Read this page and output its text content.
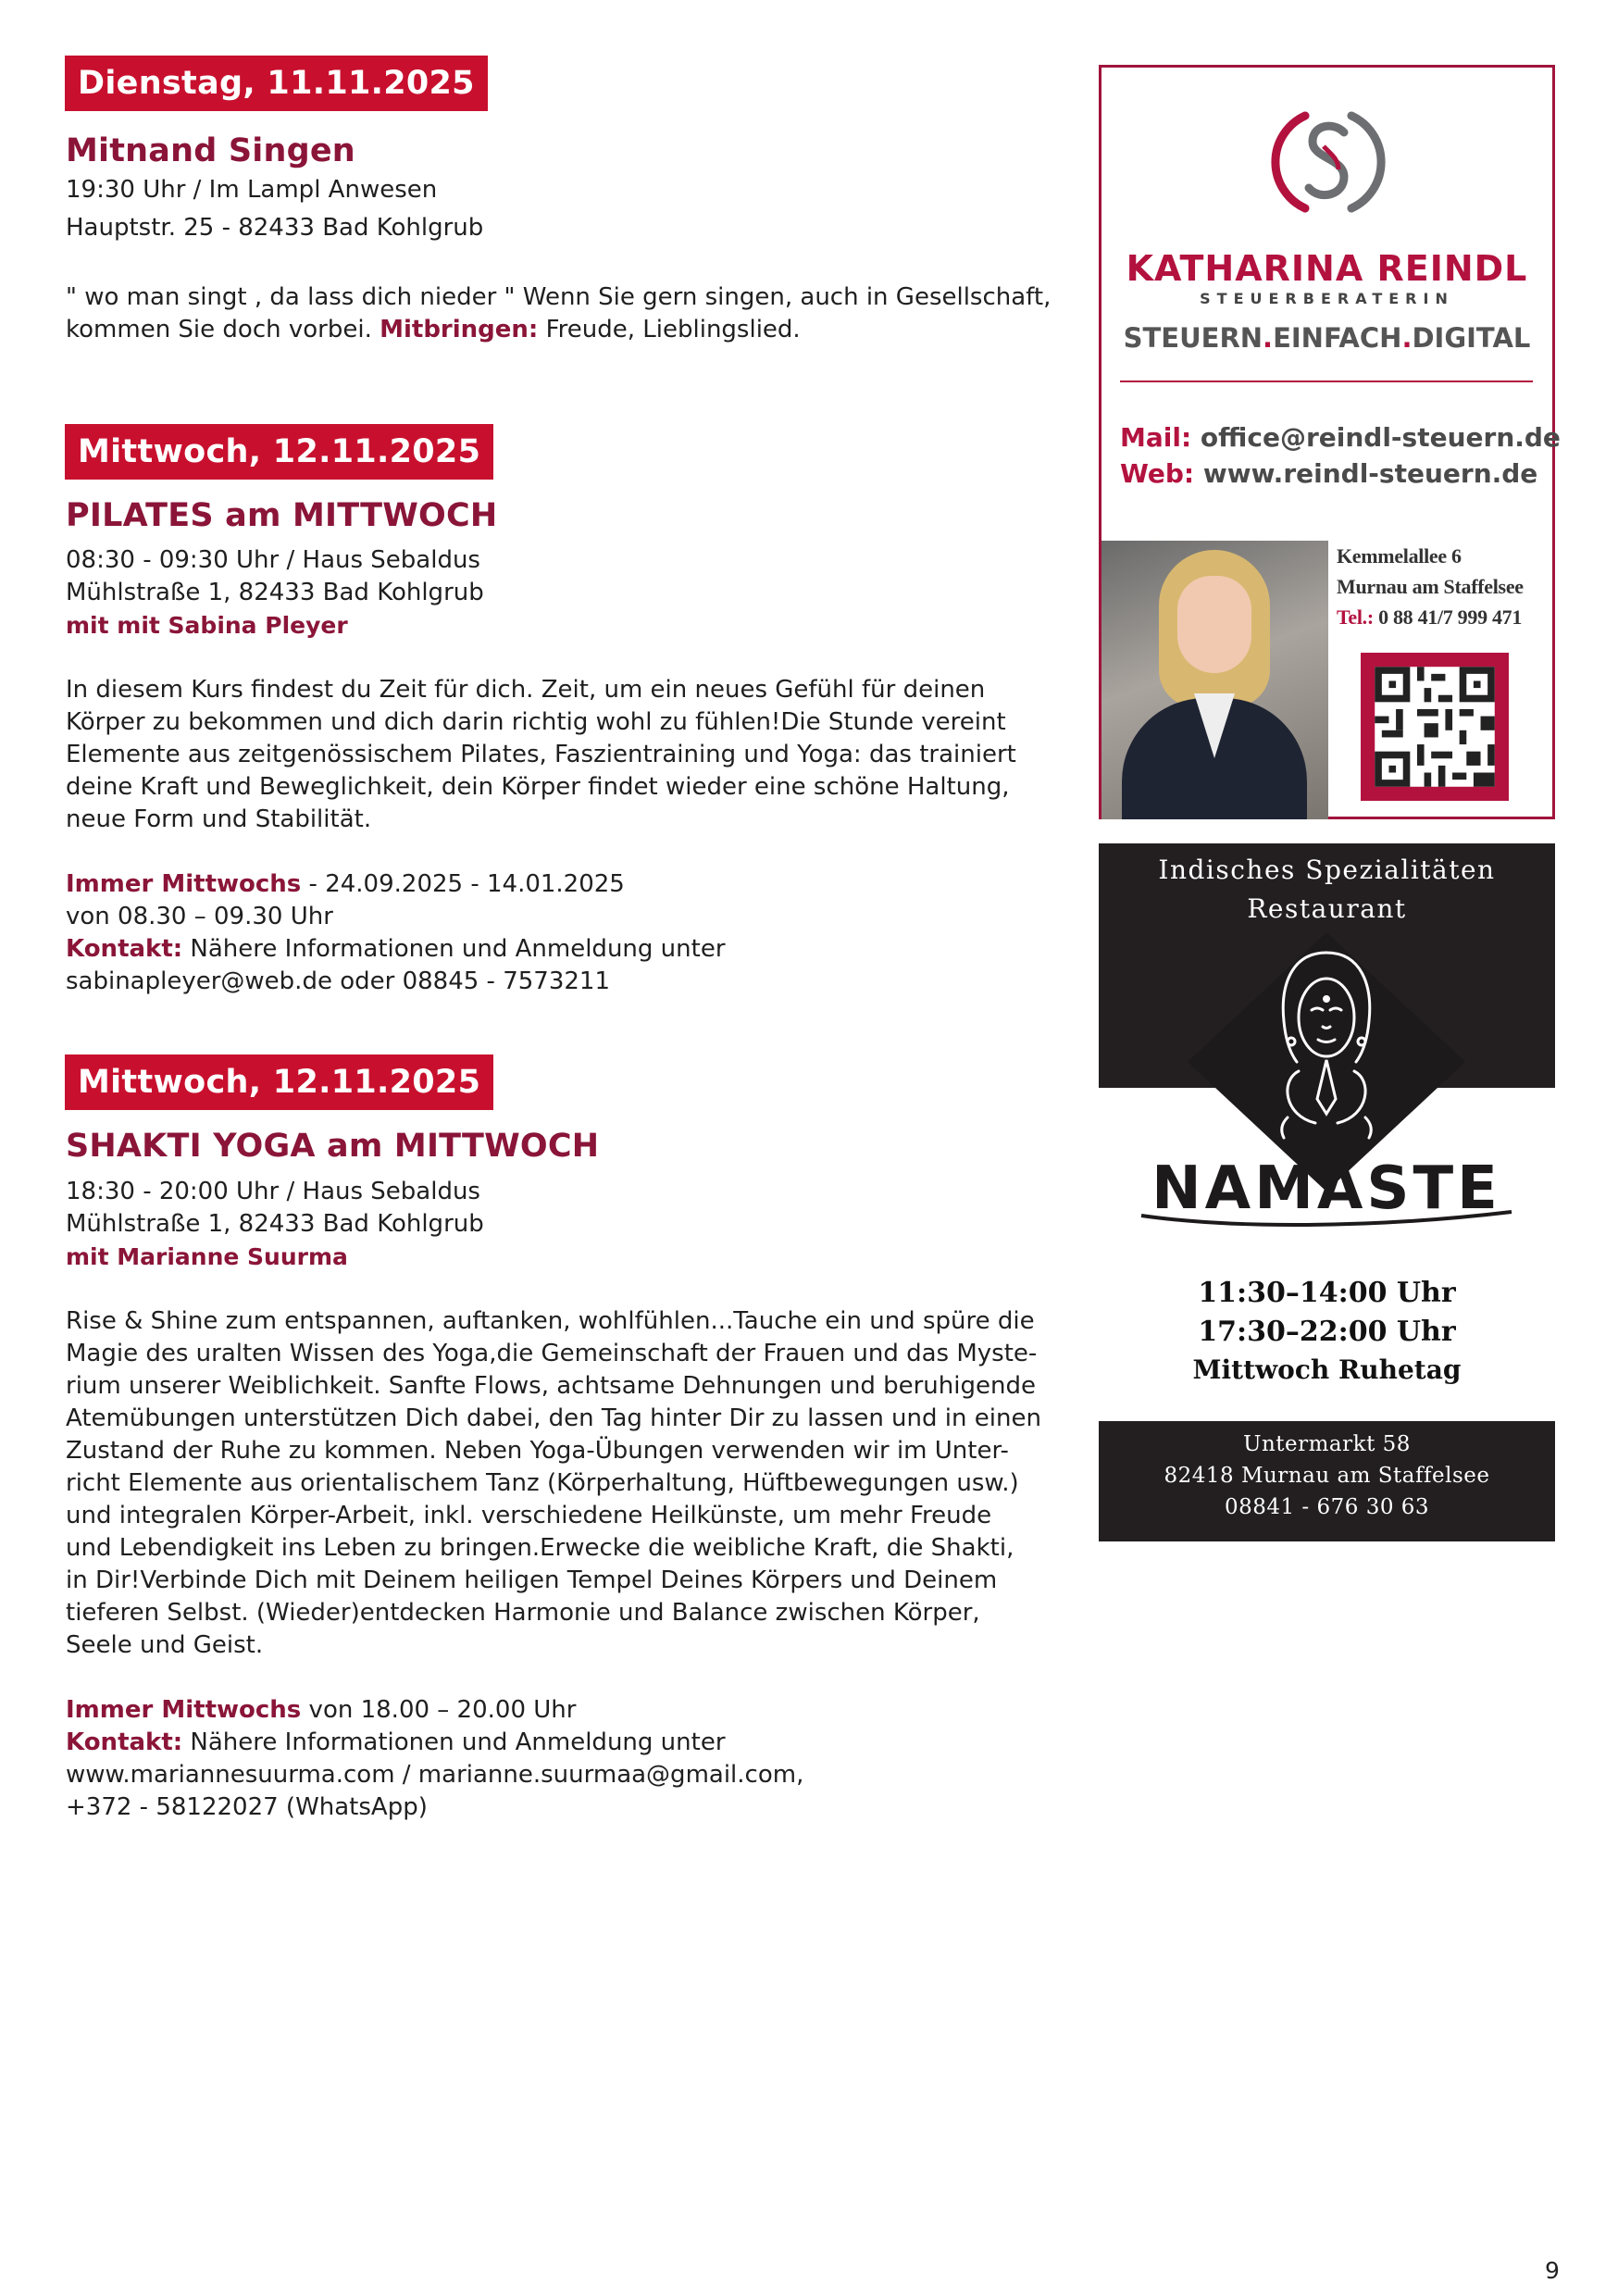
Dienstag, 11.11.2025
Mitnand Singen
19:30 Uhr / Im Lampl Anwesen
Hauptstr. 25 - 82433 Bad Kohlgrub
" wo man singt , da lass dich nieder " Wenn Sie gern singen, auch in Gesellschaft,
kommen Sie doch vorbei. Mitbringen: Freude, Lieblingslied.
Mittwoch, 12.11.2025
PILATES am MITTWOCH
08:30 - 09:30 Uhr / Haus Sebaldus
Mühlstraße 1, 82433 Bad Kohlgrub
mit mit Sabina Pleyer
In diesem Kurs findest du Zeit für dich. Zeit, um ein neues Gefühl für deinen
Körper zu bekommen und dich darin richtig wohl zu fühlen!Die Stunde vereint
Elemente aus zeitgenössischem Pilates, Faszientraining und Yoga: das trainiert
deine Kraft und Beweglichkeit, dein Körper findet wieder eine schöne Haltung,
neue Form und Stabilität.
Immer Mittwochs - 24.09.2025 - 14.01.2025
von 08.30 – 09.30 Uhr
Kontakt: Nähere Informationen und Anmeldung unter
sabinapleyer@web.de oder 08845 - 7573211
Mittwoch, 12.11.2025
SHAKTI YOGA am MITTWOCH
18:30 - 20:00 Uhr / Haus Sebaldus
Mühlstraße 1, 82433 Bad Kohlgrub
mit Marianne Suurma
Rise & Shine zum entspannen, auftanken, wohlfühlen...Tauche ein und spüre die
Magie des uralten Wissen des Yoga,die Gemeinschaft der Frauen und das Myste-
rium unserer Weiblichkeit. Sanfte Flows, achtsame Dehnungen und beruhigende
Atemübungen unterstützen Dich dabei, den Tag hinter Dir zu lassen und in einen
Zustand der Ruhe zu kommen. Neben Yoga-Übungen verwenden wir im Unter-
richt Elemente aus orientalischem Tanz (Körperhaltung, Hüftbewegungen usw.)
und integralen Körper-Arbeit, inkl. verschiedene Heilkünste, um mehr Freude
und Lebendigkeit ins Leben zu bringen.Erwecke die weibliche Kraft, die Shakti,
in Dir!Verbinde Dich mit Deinem heiligen Tempel Deines Körpers und Deinem
tieferen Selbst. (Wieder)entdecken Harmonie und Balance zwischen Körper,
Seele und Geist.
Immer Mittwochs von 18.00 – 20.00 Uhr
Kontakt: Nähere Informationen und Anmeldung unter
www.mariannesuurma.com / marianne.suurmaa@gmail.com,
+372 - 58122027 (WhatsApp)
KATHARINA REINDL
STEUERBERATERIN
STEUERN.EINFACH.DIGITAL
Mail: office@reindl-steuern.de
Web: www.reindl-steuern.de
Kemmelallee 6
Murnau am Staffelsee
Tel.: 0 88 41/7 999 471
Indisches Spezialitäten
Restaurant
NAMASTE
11:30–14:00 Uhr
17:30–22:00 Uhr
Mittwoch Ruhetag
Untermarkt 58
82418 Murnau am Staffelsee
08841 - 676 30 63
9
